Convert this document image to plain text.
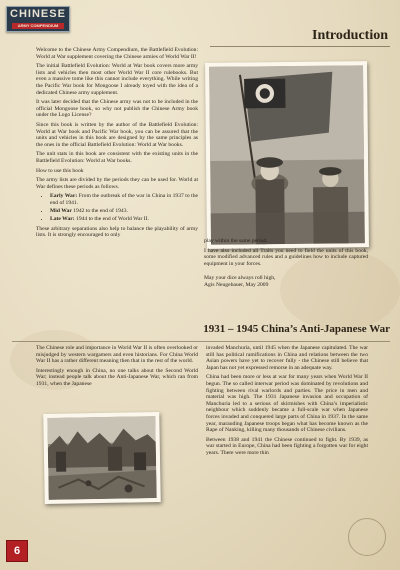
CHINESE
ARMY COMPENDIUM
Introduction

Welcome to the Chinese Army Compendium, the Battlefield Evolution: World at War supplement covering the Chinese armies of World War II!

The initial Battlefield Evolution: World at War book covers more army lists and vehicles then most other World War II core rulebooks. But even a massive tome like this cannot include everything. While writing the Pacific War book for Mongoose I already toyed with the idea of a dedicated Chinese army supplement.

It was later decided that the Chinese army was not to be included in the official Mongoose book, so why not publish the Chinese Army book under the Logo License?

Since this book is written by the author of the Battlefield Evolution: World at War book and Pacific War book, you can be assured that the units and vehicles in this book are designed by the same principles as the ones in the official Battlefield Evolution: World at War books.

The unit stats in this book are consistent with the existing units in the Battlefield Evolution: World at War books.

How to use this book

The army lists are divided by the periods they can be used for. World at War defines these periods as follows.

• Early War: From the outbreak of the war in China in 1937 to the end of 1941.
• Mid War 1942 to the end of 1943.
• Late War: 1944 to the end of World War II.

These arbitrary separations also help to balance the playability of army lists. It is strongly encouraged to only

play within the same period.

I have also included all Traits you need to field the units of this book, some modified advanced rules and a guidelines how to include captured equipment in your forces.

May your dice always roll high,

Agis Neugebauer, May 2009

1931 – 1945 China’s Anti-Japanese War

The Chinese role and importance in World War II is often overlooked or misjudged by western wargamers and even historians. For China World War II has a rather different meaning then that in the rest of the world.

Interestingly enough in China, no one talks about the Second World War; instead people talk about the Anti-Japanese War, which ran from 1931, when the Japanese

invaded Manchuria, until 1945 when the Japanese capitulated. The war still has political ramifications in China and relations between the two Asian powers have yet to recover fully - the Chinese still believe that Japan has not yet expressed remorse in an adequate way.

China had been more or less at war for many years when World War II begun. The so called interwar period was dominated by revolutions and fighting between rival warlords and parties. The price in men and material was high. The 1931 Japanese invasion and occupation of Manchuria led to a serious of skirmishes with China’s imperialistic neighbour which suddenly became a full-scale war when Japanese forces invaded and conquered large parts of China in 1937. In the same year, marauding Japanese troops began what has become known as the Rape of Nanking, killing many thousands of Chinese civilians.

Between 1938 and 1941 the Chinese continued to fight. By 1939, as war started in Europe, China had been fighting a forgotten war for eight years. There were more thin

6
